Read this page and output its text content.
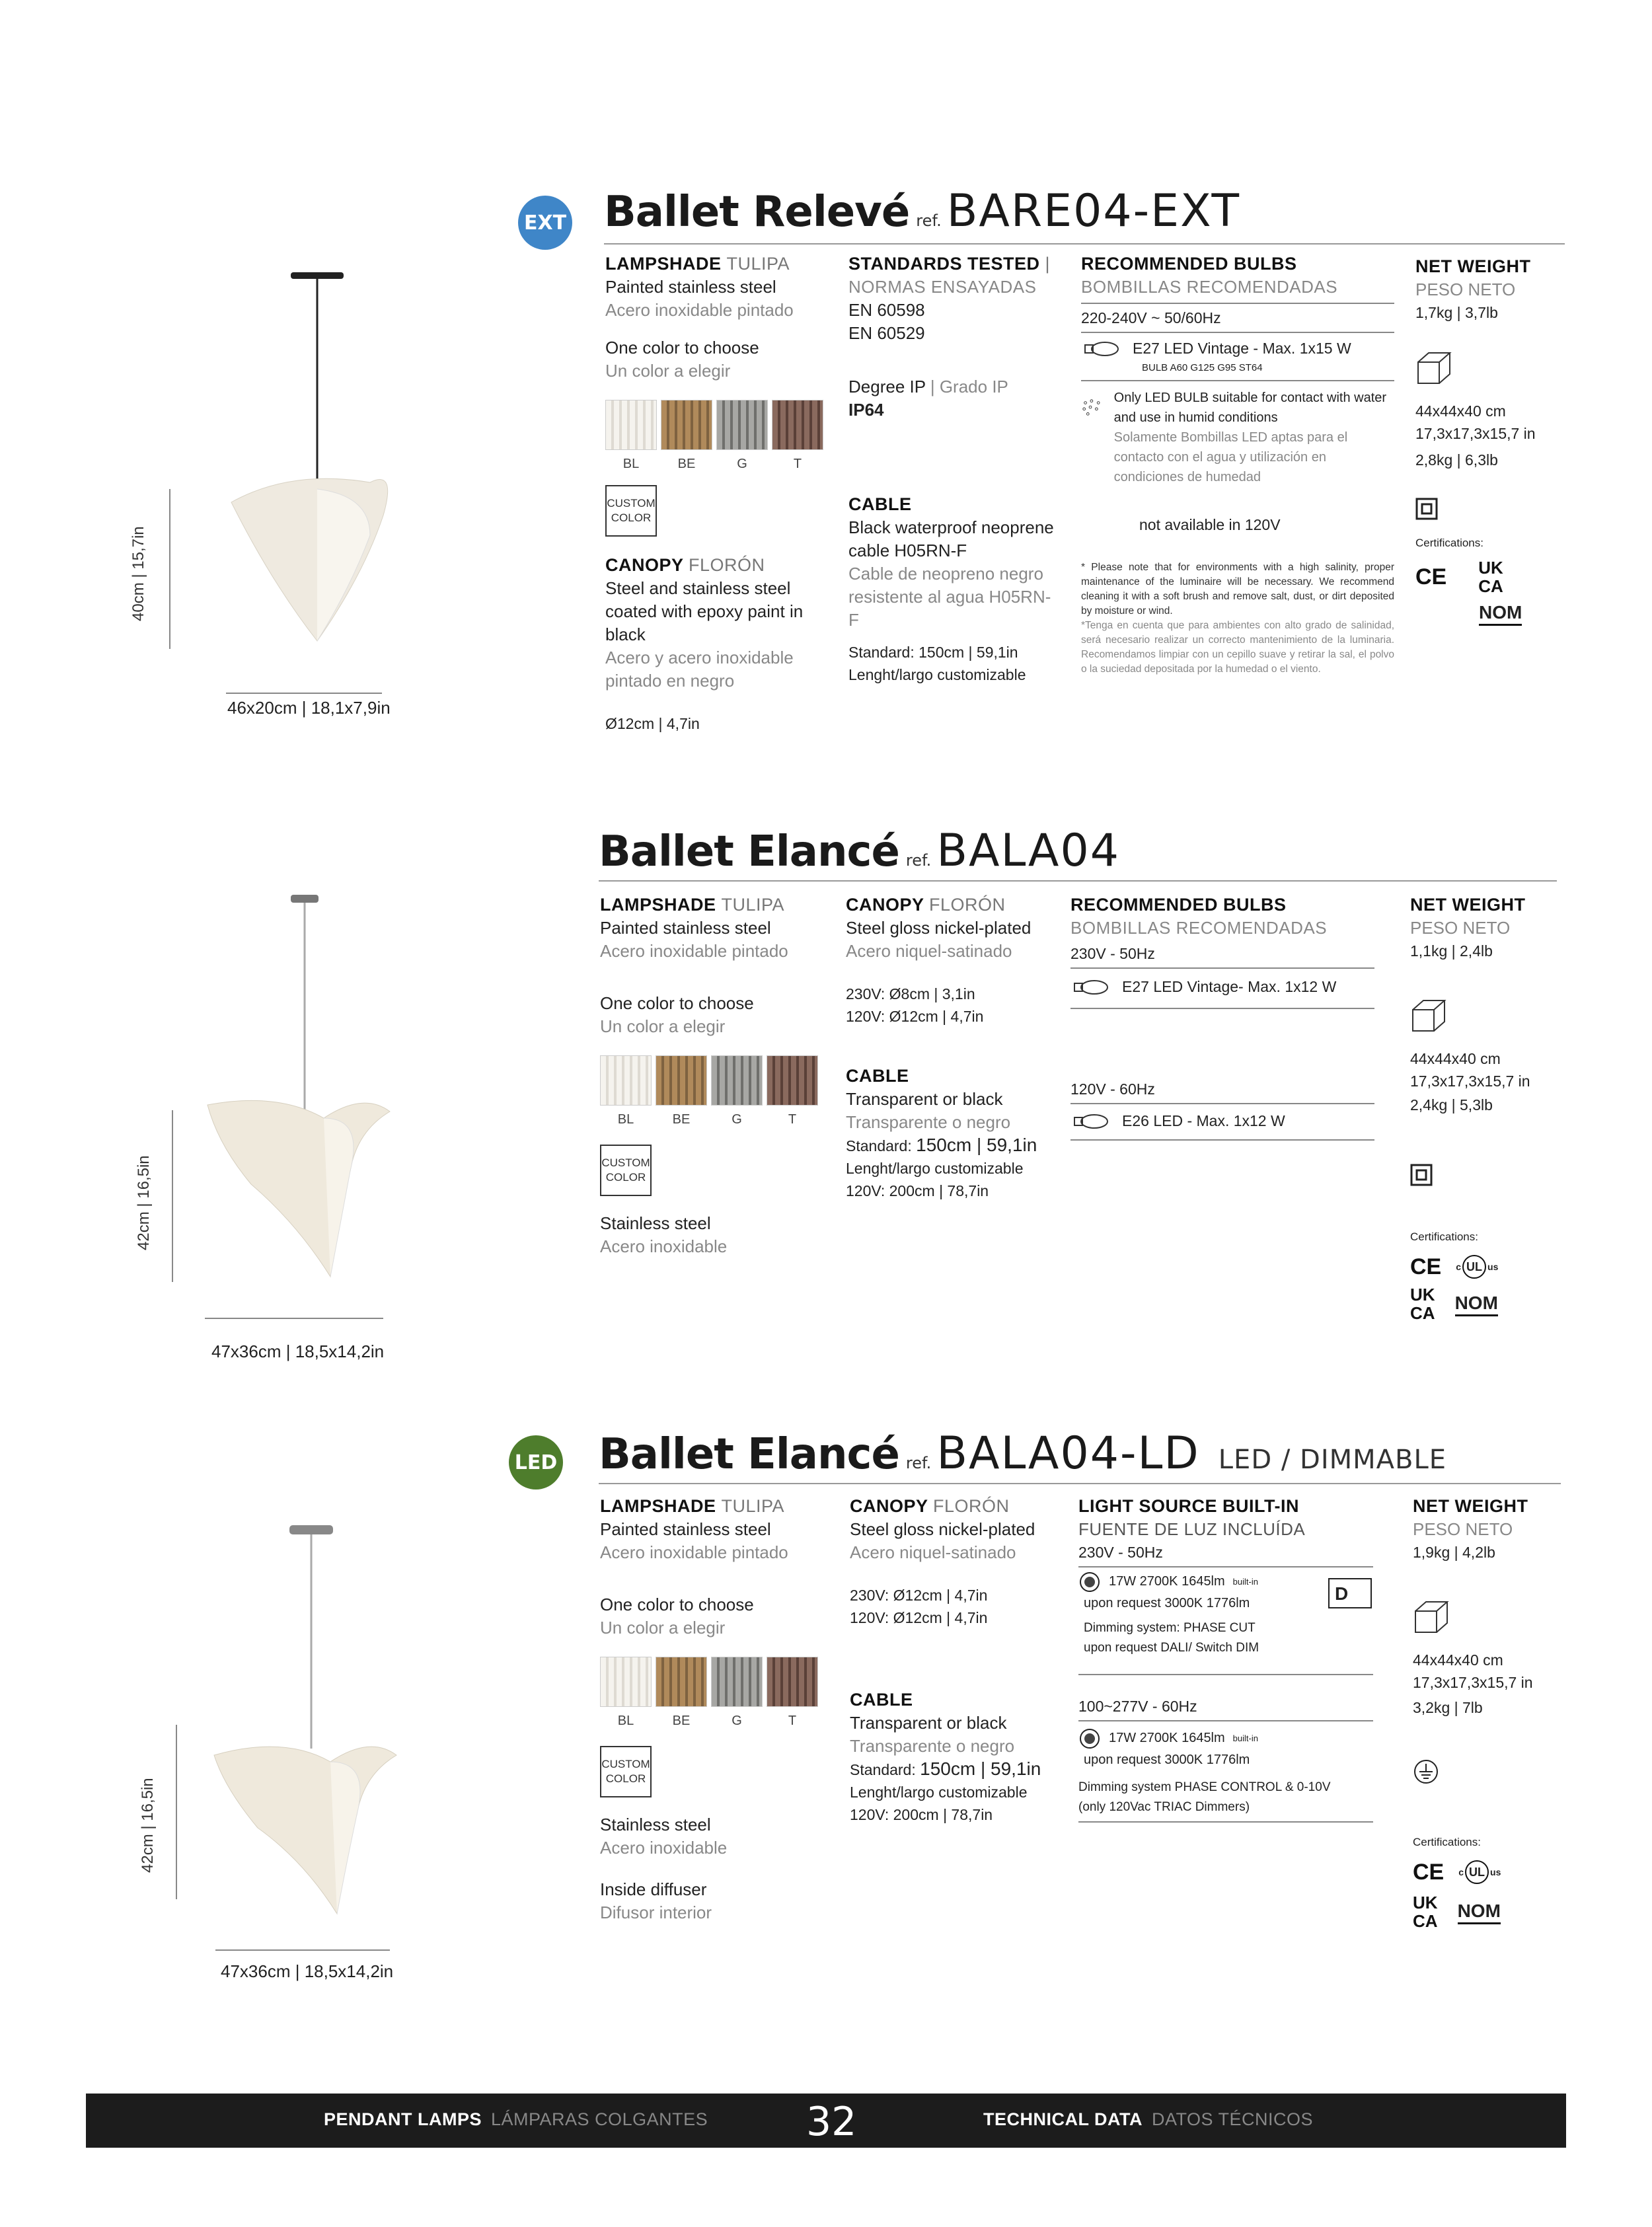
EXT Ballet Relevé ref. BARE04-EXT
40cm | 15,7in
46x20cm | 18,1x7,9in
LAMPSHADE TULIPA
Painted stainless steel
Acero inoxidable pintado
One color to choose
Un color a elegir
BL	BE	G	T
CUSTOM COLOR
CANOPY FLORÓN
Steel and stainless steel coated with epoxy paint in black
Acero y acero inoxidable pintado en negro
Ø12cm | 4,7in
STANDARDS TESTED |
NORMAS ENSAYADAS
EN 60598
EN 60529
Degree IP | Grado IP
IP64
CABLE
Black waterproof neoprene cable H05RN-F
Cable de neopreno negro resistente al agua H05RN-F
Standard: 150cm | 59,1in
Lenght/largo customizable
RECOMMENDED BULBS
BOMBILLAS RECOMENDADAS
220-240V ~ 50/60Hz
E27 LED Vintage - Max. 1x15 W
BULB A60 G125 G95 ST64
Only LED BULB suitable for contact with water and use in humid conditions
Solamente Bombillas LED aptas para el contacto con el agua y utilización en condiciones de humedad
not available in 120V
* Please note that for environments with a high salinity, proper maintenance of the luminaire will be necessary. We recommend cleaning it with a soft brush and remove salt, dust, or dirt deposited by moisture or wind.
*Tenga en cuenta que para ambientes con alto grado de salinidad, será necesario realizar un correcto mantenimiento de la luminaria. Recomendamos limpiar con un cepillo suave y retirar la sal, el polvo o la suciedad depositada por la humedad o el viento.
NET WEIGHT
PESO NETO
1,7kg | 3,7lb
44x44x40 cm
17,3x17,3x15,7 in
2,8kg | 6,3lb
Certifications:
CE UK
CA
NOM
Ballet Elancé ref. BALA04
42cm | 16,5in
47x36cm | 18,5x14,2in
LAMPSHADE TULIPA
Painted stainless steel
Acero inoxidable pintado
One color to choose
Un color a elegir
BL	BE	G	T
CUSTOM COLOR
Stainless steel
Acero inoxidable
CANOPY FLORÓN
Steel gloss nickel-plated
Acero niquel-satinado
230V: Ø8cm | 3,1in
120V: Ø12cm | 4,7in
CABLE
Transparent or black
Transparente o negro
Standard: 150cm | 59,1in
Lenght/largo customizable
120V: 200cm | 78,7in
RECOMMENDED BULBS
BOMBILLAS RECOMENDADAS
230V - 50Hz
E27 LED Vintage- Max. 1x12 W
120V - 60Hz
E26 LED - Max. 1x12 W
NET WEIGHT
PESO NETO
1,1kg | 2,4lb
44x44x40 cm
17,3x17,3x15,7 in
2,4kg | 5,3lb
Certifications:
CE c UL us
UK
CA NOM
LED Ballet Elancé ref. BALA04-LD LED / DIMMABLE
42cm | 16,5in
47x36cm | 18,5x14,2in
LAMPSHADE TULIPA
Painted stainless steel
Acero inoxidable pintado
One color to choose
Un color a elegir
BL	BE	G	T
CUSTOM COLOR
Stainless steel
Acero inoxidable
Inside diffuser
Difusor interior
CANOPY FLORÓN
Steel gloss nickel-plated
Acero niquel-satinado
230V: Ø12cm | 4,7in
120V: Ø12cm | 4,7in
CABLE
Transparent or black
Transparente o negro
Standard: 150cm | 59,1in
Lenght/largo customizable
120V: 200cm | 78,7in
LIGHT SOURCE BUILT-IN
FUENTE DE LUZ INCLUÍDA
230V - 50Hz
17W 2700K 1645lm built-in
D
upon request 3000K 1776lm
Dimming system: PHASE CUT
upon request DALI/ Switch DIM
100~277V - 60Hz
17W 2700K 1645lm built-in
upon request 3000K 1776lm
Dimming system PHASE CONTROL & 0-10V
(only 120Vac TRIAC Dimmers)
NET WEIGHT
PESO NETO
1,9kg | 4,2lb
44x44x40 cm
17,3x17,3x15,7 in
3,2kg | 7lb
Certifications:
CE c UL us
UK
CA NOM
PENDANT LAMPS LÁMPARAS COLGANTES 32	TECHNICAL DATA DATOS TÉCNICOS
